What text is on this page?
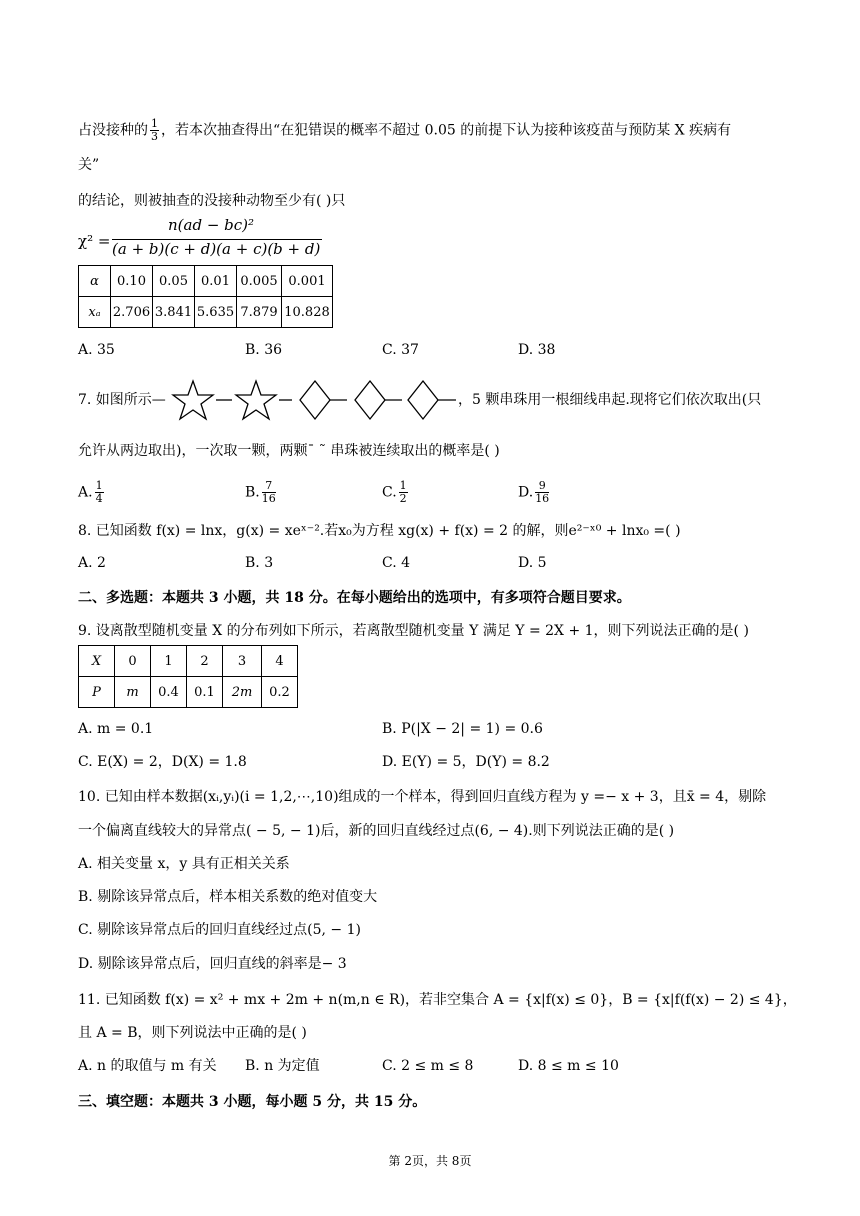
占没接种的 $\frac{1}{3}$ ，若本次抽查得出“在犯错误的概率不超过 0.05 的前提下认为接种该疫苗与预防某 X 疾病有
关”
的结论，则被抽查的没接种动物至少有( )只
χ² =
n(ad − bc)²
(a + b)(c + d)(a + c)(b + d)
α	0.10	0.05	0.01	0.005	0.001
xₐ	2.706	3.841	5.635	7.879	10.828
A. 35	B. 36	C. 37	D. 38
7. 如图所示—	，5 颗串珠用一根细线串起.现将它们依次取出(只
允许从两边取出)，一次取一颗，两颗ˉ ˜ 串珠被连续取出的概率是( )
A. $\frac{1}{4}$	B. $\frac{7}{16}$	C. $\frac{1}{2}$	D. $\frac{9}{16}$
8. 已知函数 f(x) = lnx，g(x) = xeˣ⁻².若x₀为方程 xg(x) + f(x) = 2 的解，则e²⁻ˣ⁰ + lnx₀ =( )
A. 2	B. 3	C. 4	D. 5
二、多选题：本题共 3 小题，共 18 分。在每小题给出的选项中，有多项符合题目要求。
9. 设离散型随机变量 X 的分布列如下所示，若离散型随机变量 Y 满足 Y = 2X + 1，则下列说法正确的是( )
X	0	1	2	3	4
P	m	0.4	0.1	2m	0.2
A. m = 0.1	B. P(|X − 2| = 1) = 0.6
C. E(X) = 2，D(X) = 1.8	D. E(Y) = 5，D(Y) = 8.2
10. 已知由样本数据(xᵢ,yᵢ)(i = 1,2,⋯,10)组成的一个样本，得到回归直线方程为 y =− x + 3，且x̄ = 4，剔除
一个偏离直线较大的异常点( − 5, − 1)后，新的回归直线经过点(6, − 4).则下列说法正确的是( )
A. 相关变量 x，y 具有正相关关系
B. 剔除该异常点后，样本相关系数的绝对值变大
C. 剔除该异常点后的回归直线经过点(5, − 1)
D. 剔除该异常点后，回归直线的斜率是− 3
11. 已知函数 f(x) = x² + mx + 2m + n(m,n ∈ R)，若非空集合 A = {x|f(x) ≤ 0}，B = {x|f(f(x) − 2) ≤ 4}，
且 A = B，则下列说法中正确的是( )
A. n 的取值与 m 有关 B. n 为定值	C. 2 ≤ m ≤ 8	D. 8 ≤ m ≤ 10
三、填空题：本题共 3 小题，每小题 5 分，共 15 分。
第 2页，共 8页
